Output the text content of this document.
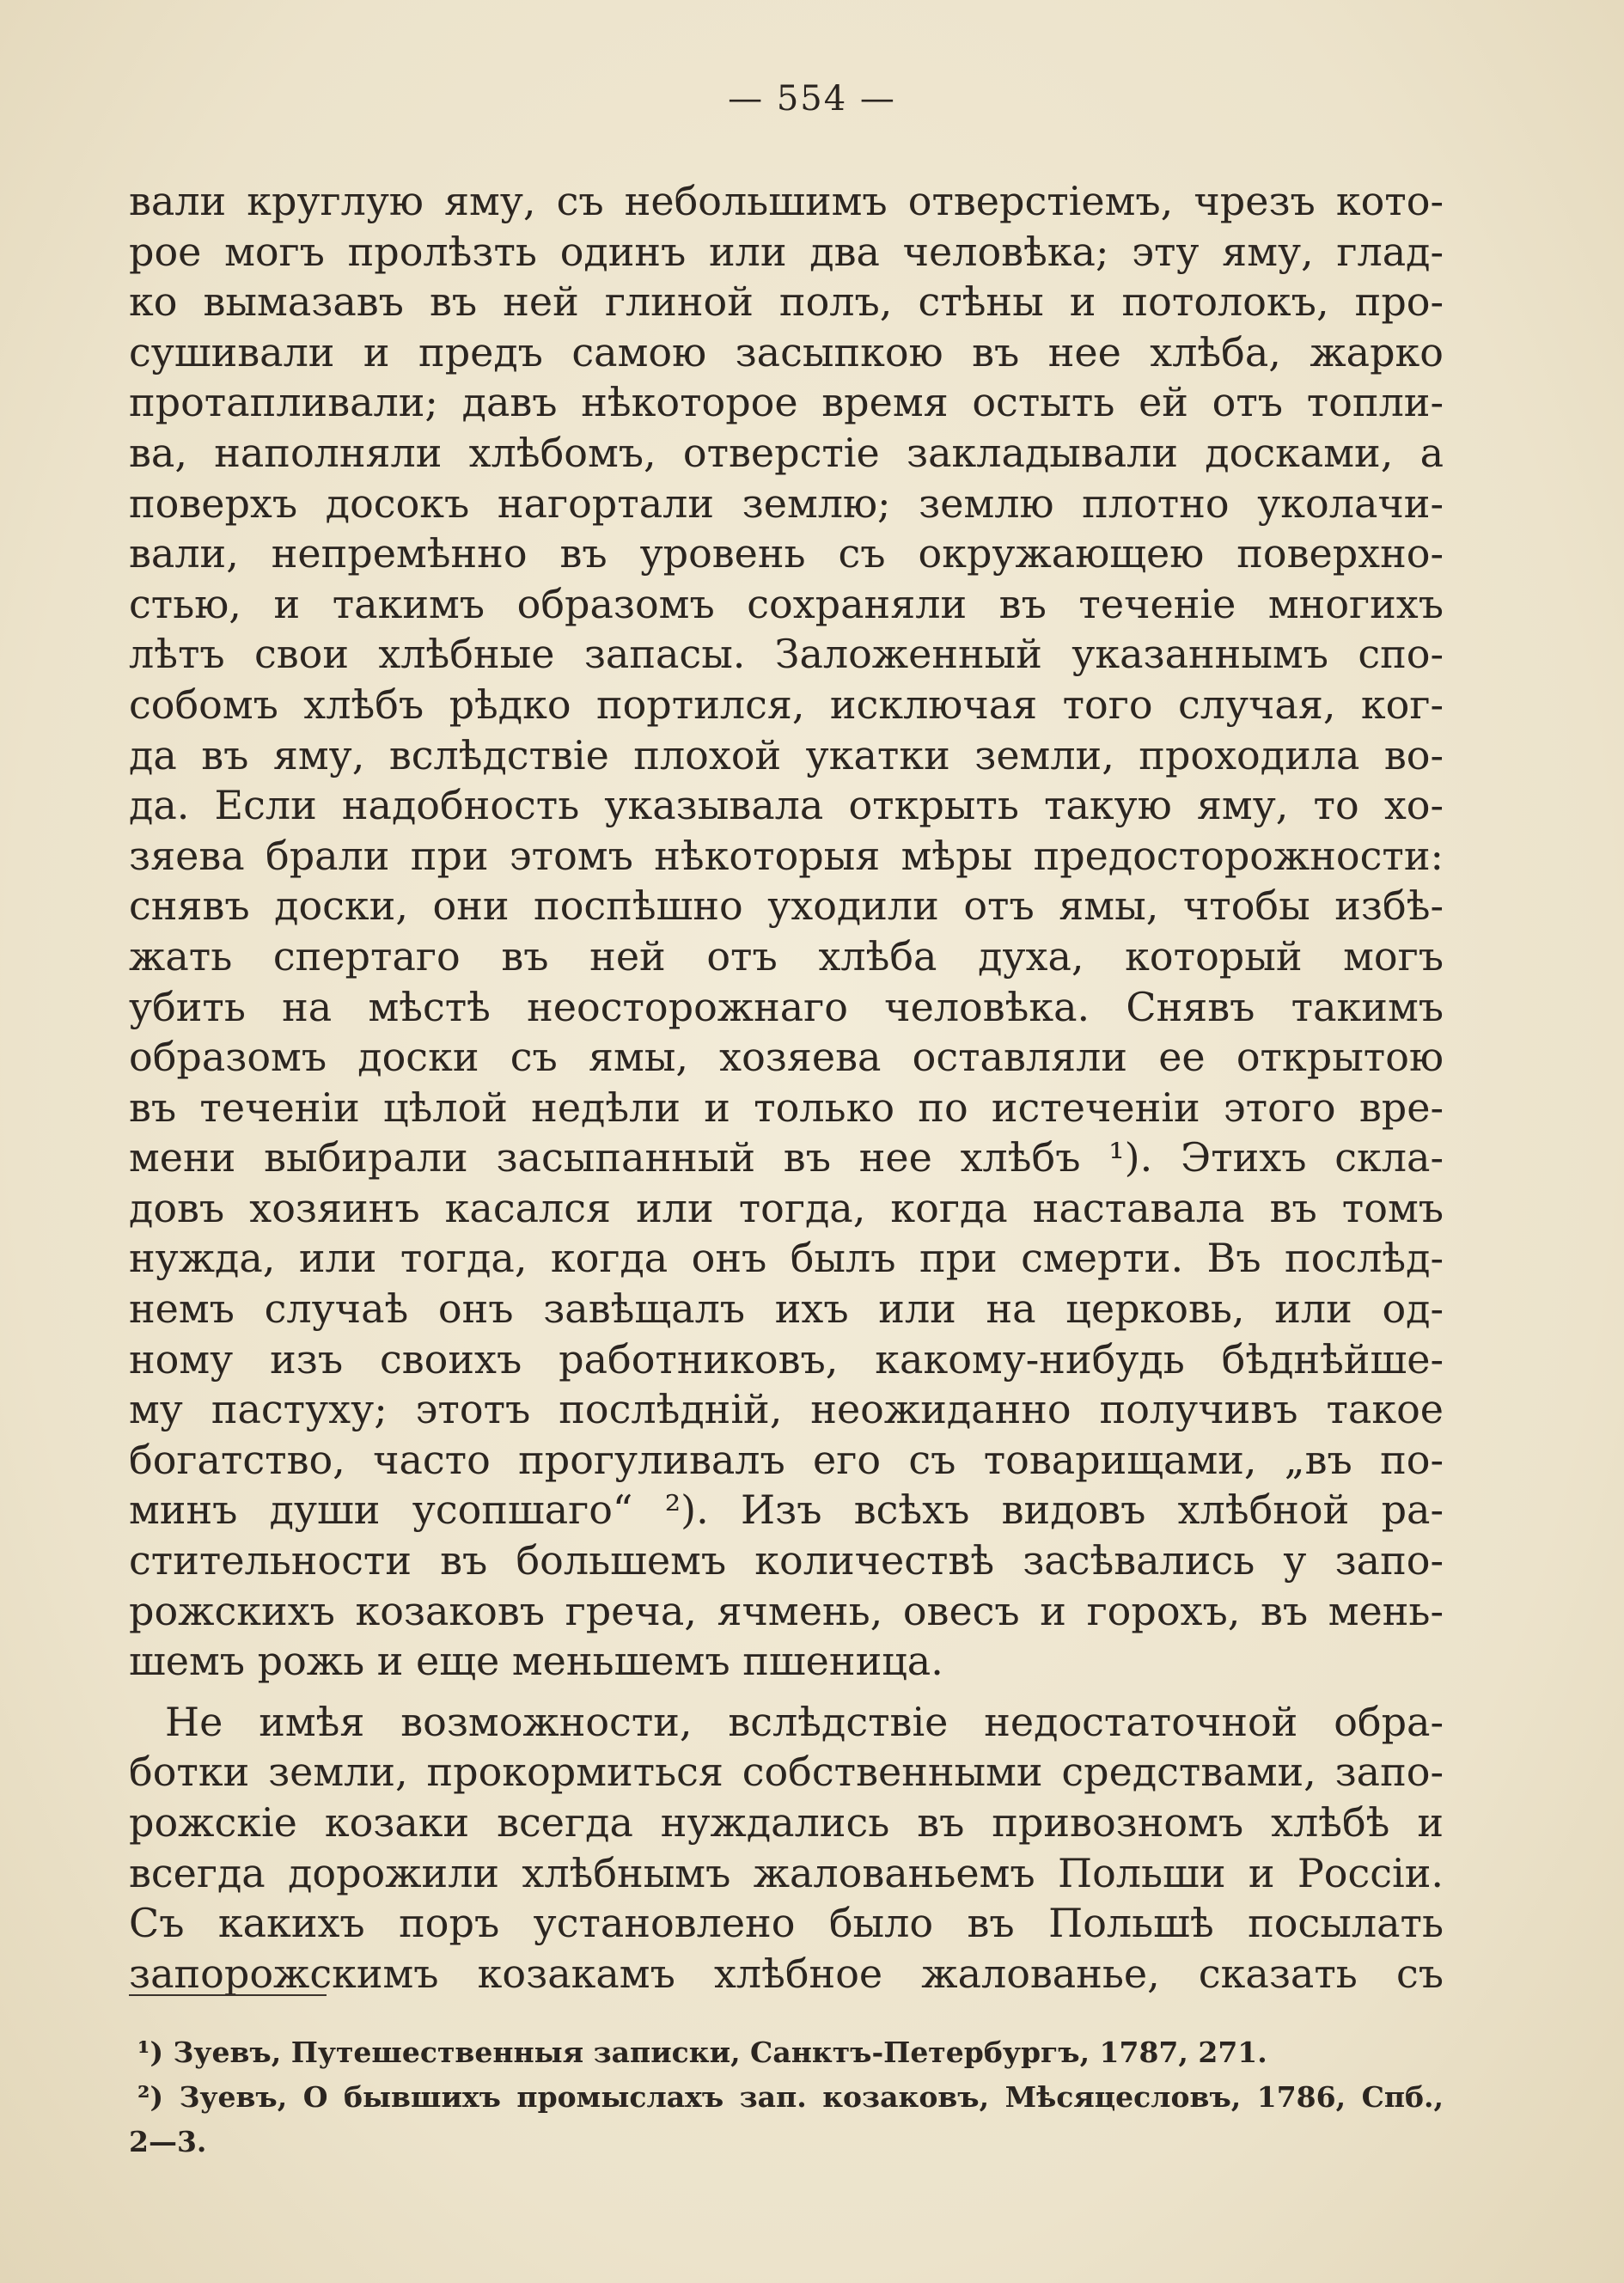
— 554 —
вали круглую яму, съ небольшимъ отверстіемъ, чрезъ кото-
рое могъ пролѣзть одинъ или два человѣка; эту яму, глад-
ко вымазавъ въ ней глиной полъ, стѣны и потолокъ, про-
сушивали и предъ самою засыпкою въ нее хлѣба, жарко
протапливали; давъ нѣкоторое время остыть ей отъ топли-
ва, наполняли хлѣбомъ, отверстіе закладывали досками, а
поверхъ досокъ нагортали землю; землю плотно уколачи-
вали, непремѣнно въ уровень съ окружающею поверхно-
стью, и такимъ образомъ сохраняли въ теченіе многихъ
лѣтъ свои хлѣбные запасы. Заложенный указаннымъ спо-
собомъ хлѣбъ рѣдко портился, исключая того случая, ког-
да въ яму, вслѣдствіе плохой укатки земли, проходила во-
да. Если надобность указывала открыть такую яму, то хо-
зяева брали при этомъ нѣкоторыя мѣры предосторожности:
снявъ доски, они поспѣшно уходили отъ ямы, чтобы избѣ-
жать спертаго въ ней отъ хлѣба духа, который могъ
убить на мѣстѣ неосторожнаго человѣка. Снявъ такимъ
образомъ доски съ ямы, хозяева оставляли ее открытою
въ теченіи цѣлой недѣли и только по истеченіи этого вре-
мени выбирали засыпанный въ нее хлѣбъ ¹). Этихъ скла-
довъ хозяинъ касался или тогда, когда наставала въ томъ
нужда, или тогда, когда онъ былъ при смерти. Въ послѣд-
немъ случаѣ онъ завѣщалъ ихъ или на церковь, или од-
ному изъ своихъ работниковъ, какому-нибудь бѣднѣйше-
му пастуху; этотъ послѣдній, неожиданно получивъ такое
богатство, часто прогуливалъ его съ товарищами, „въ по-
минъ души усопшаго“ ²). Изъ всѣхъ видовъ хлѣбной ра-
стительности въ большемъ количествѣ засѣвались у запо-
рожскихъ козаковъ греча, ячмень, овесъ и горохъ, въ мень-
шемъ рожь и еще меньшемъ пшеница.
Не имѣя возможности, вслѣдствіе недостаточной обра-
ботки земли, прокормиться собственными средствами, запо-
рожскіе козаки всегда нуждались въ привозномъ хлѣбѣ и
всегда дорожили хлѣбнымъ жалованьемъ Польши и Россіи.
Съ какихъ поръ установлено было въ Польшѣ посылать
запорожскимъ козакамъ хлѣбное жалованье, сказать съ
¹) Зуевъ, Путешественныя записки, Санктъ-Петербургъ, 1787, 271.
²) Зуевъ, О бывшихъ промыслахъ зап. козаковъ, Мѣсяцесловъ, 1786, Спб.,
2—3.
